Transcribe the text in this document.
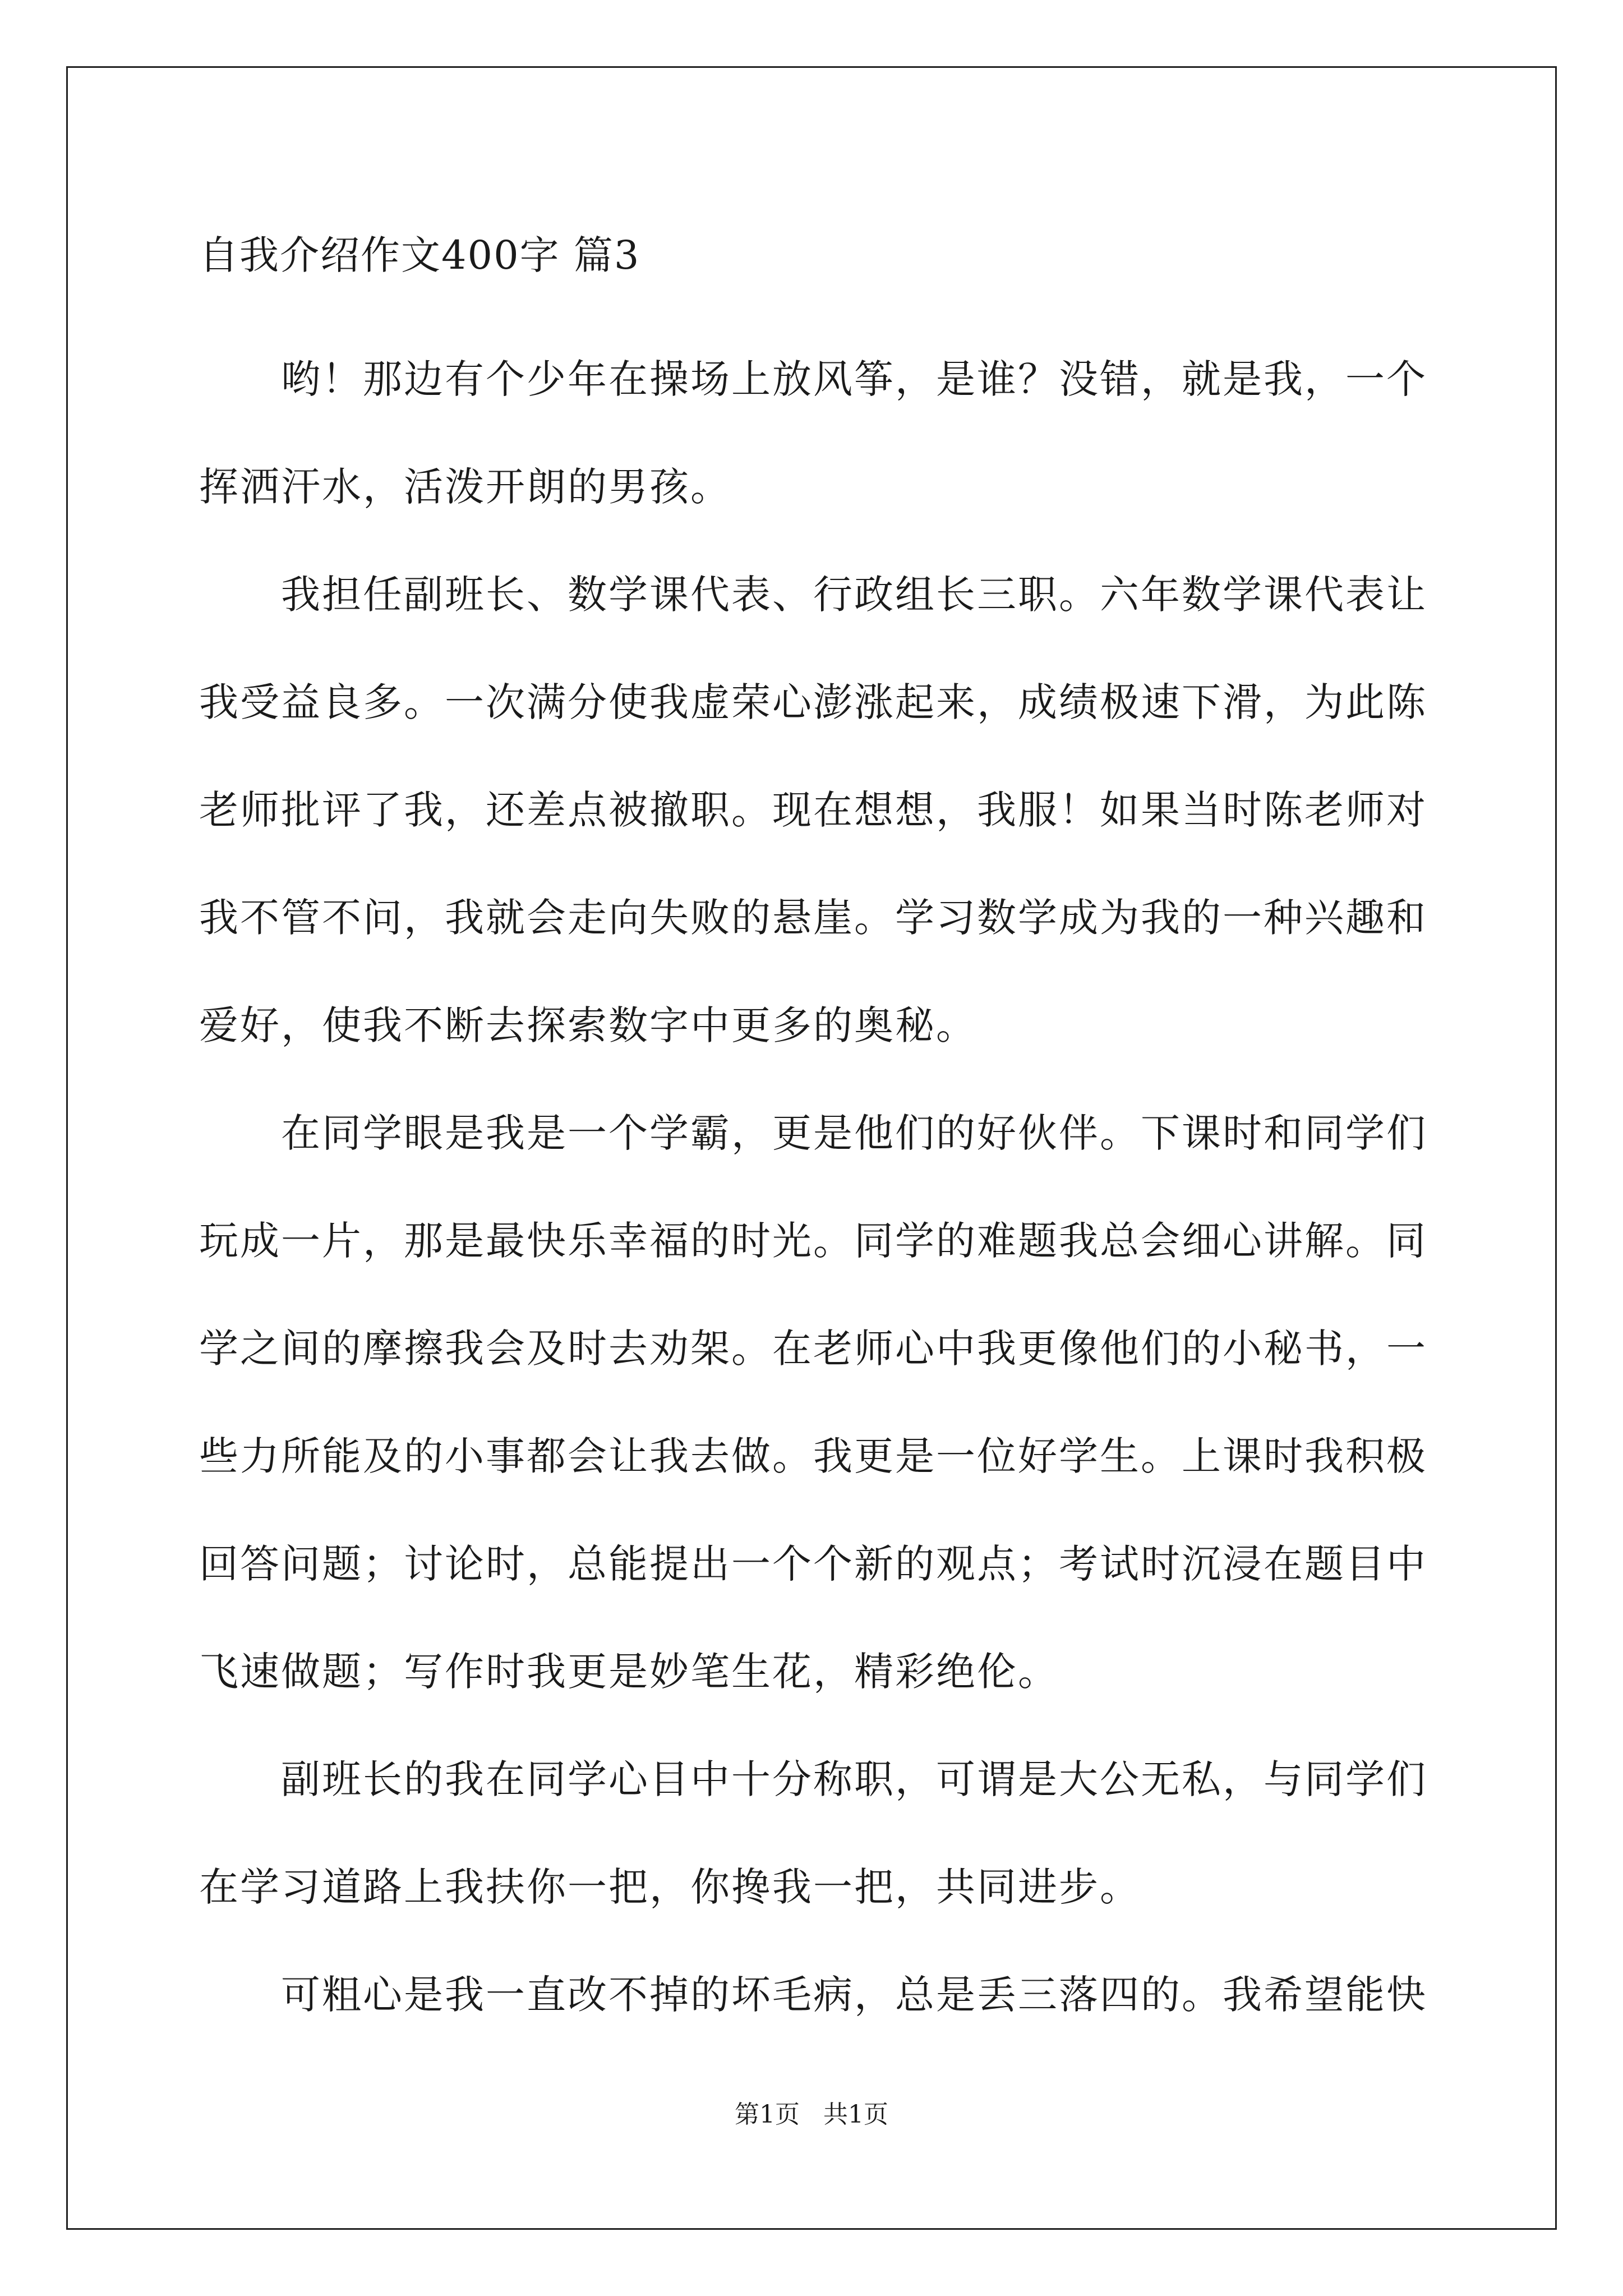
自我介绍作文400字 篇3

哟！那边有个少年在操场上放风筝，是谁？没错，就是我，一个挥洒汗水，活泼开朗的男孩。

我担任副班长、数学课代表、行政组长三职。六年数学课代表让我受益良多。一次满分使我虚荣心澎涨起来，成绩极速下滑，为此陈老师批评了我，还差点被撤职。现在想想，我服！如果当时陈老师对我不管不问，我就会走向失败的悬崖。学习数学成为我的一种兴趣和爱好，使我不断去探索数字中更多的奥秘。

在同学眼是我是一个学霸，更是他们的好伙伴。下课时和同学们玩成一片，那是最快乐幸福的时光。同学的难题我总会细心讲解。同学之间的摩擦我会及时去劝架。在老师心中我更像他们的小秘书，一些力所能及的小事都会让我去做。我更是一位好学生。上课时我积极回答问题；讨论时，总能提出一个个新的观点；考试时沉浸在题目中飞速做题；写作时我更是妙笔生花，精彩绝伦。

副班长的我在同学心目中十分称职，可谓是大公无私，与同学们在学习道路上我扶你一把，你搀我一把，共同进步。

可粗心是我一直改不掉的坏毛病，总是丢三落四的。我希望能快

第1页   共1页
